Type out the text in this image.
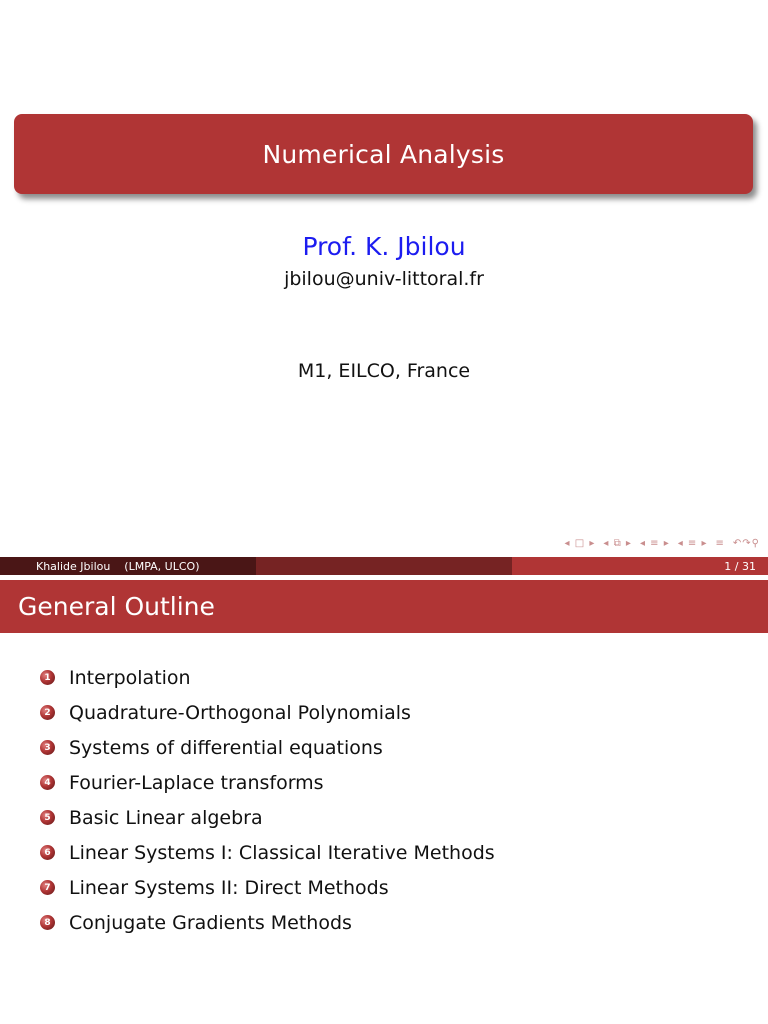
Numerical Analysis
Prof. K. Jbilou
jbilou@univ-littoral.fr
M1, EILCO, France
◂ □ ▸ ◂ ⧉ ▸ ◂ ≡ ▸ ◂ ≡ ▸ ≡ ↶↷⚲
Khalide Jbilou    (LMPA, ULCO)	1 / 31
General Outline
1 Interpolation
2 Quadrature-Orthogonal Polynomials
3 Systems of differential equations
4 Fourier-Laplace transforms
5 Basic Linear algebra
6 Linear Systems I: Classical Iterative Methods
7 Linear Systems II: Direct Methods
8 Conjugate Gradients Methods
